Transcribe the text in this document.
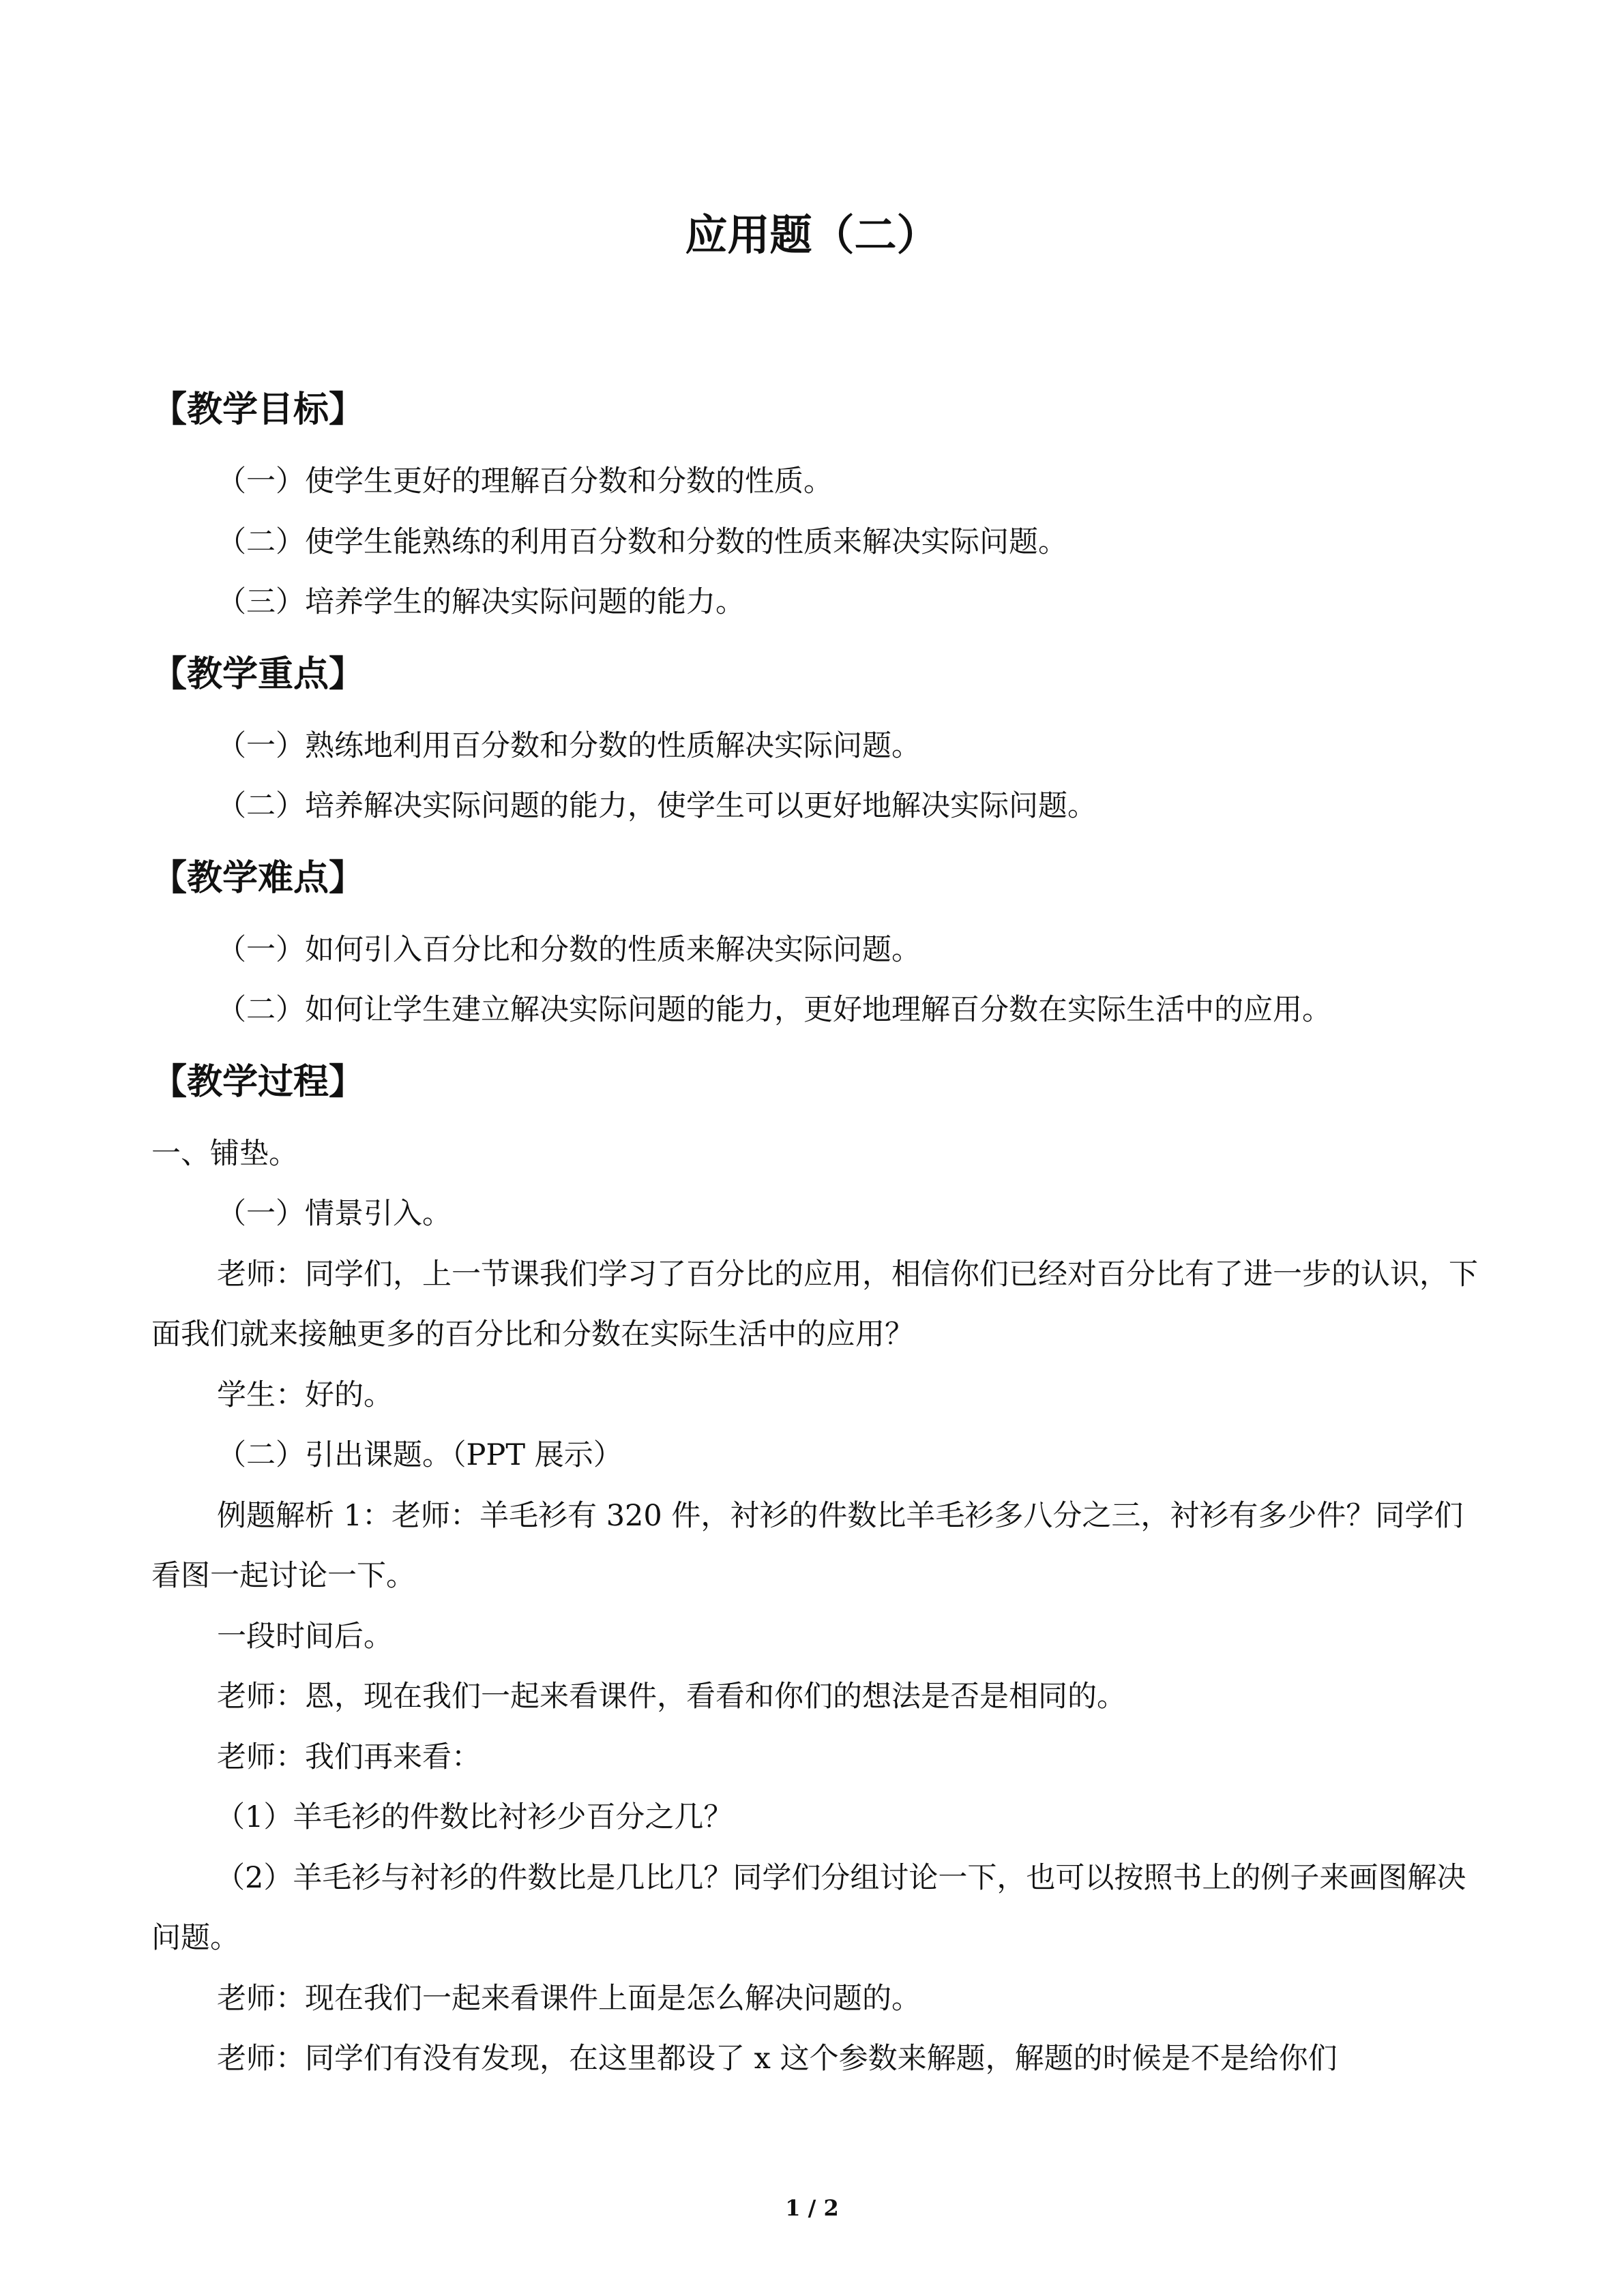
应用题（二）
【教学目标】

（一）使学生更好的理解百分数和分数的性质。

（二）使学生能熟练的利用百分数和分数的性质来解决实际问题。

（三）培养学生的解决实际问题的能力。

【教学重点】

（一）熟练地利用百分数和分数的性质解决实际问题。

（二）培养解决实际问题的能力，使学生可以更好地解决实际问题。

【教学难点】

（一）如何引入百分比和分数的性质来解决实际问题。

（二）如何让学生建立解决实际问题的能力，更好地理解百分数在实际生活中的应用。

【教学过程】

一、铺垫。

（一）情景引入。

老师：同学们，上一节课我们学习了百分比的应用，相信你们已经对百分比有了进一步的认识，下面我们就来接触更多的百分比和分数在实际生活中的应用？

学生：好的。

（二）引出课题。（PPT 展示）

例题解析 1：老师：羊毛衫有 320 件，衬衫的件数比羊毛衫多八分之三，衬衫有多少件？同学们看图一起讨论一下。

一段时间后。

老师：恩，现在我们一起来看课件，看看和你们的想法是否是相同的。

老师：我们再来看：

（1）羊毛衫的件数比衬衫少百分之几？

（2）羊毛衫与衬衫的件数比是几比几？同学们分组讨论一下，也可以按照书上的例子来画图解决问题。

老师：现在我们一起来看课件上面是怎么解决问题的。

老师：同学们有没有发现，在这里都设了 x 这个参数来解题，解题的时候是不是给你们

1 / 2
